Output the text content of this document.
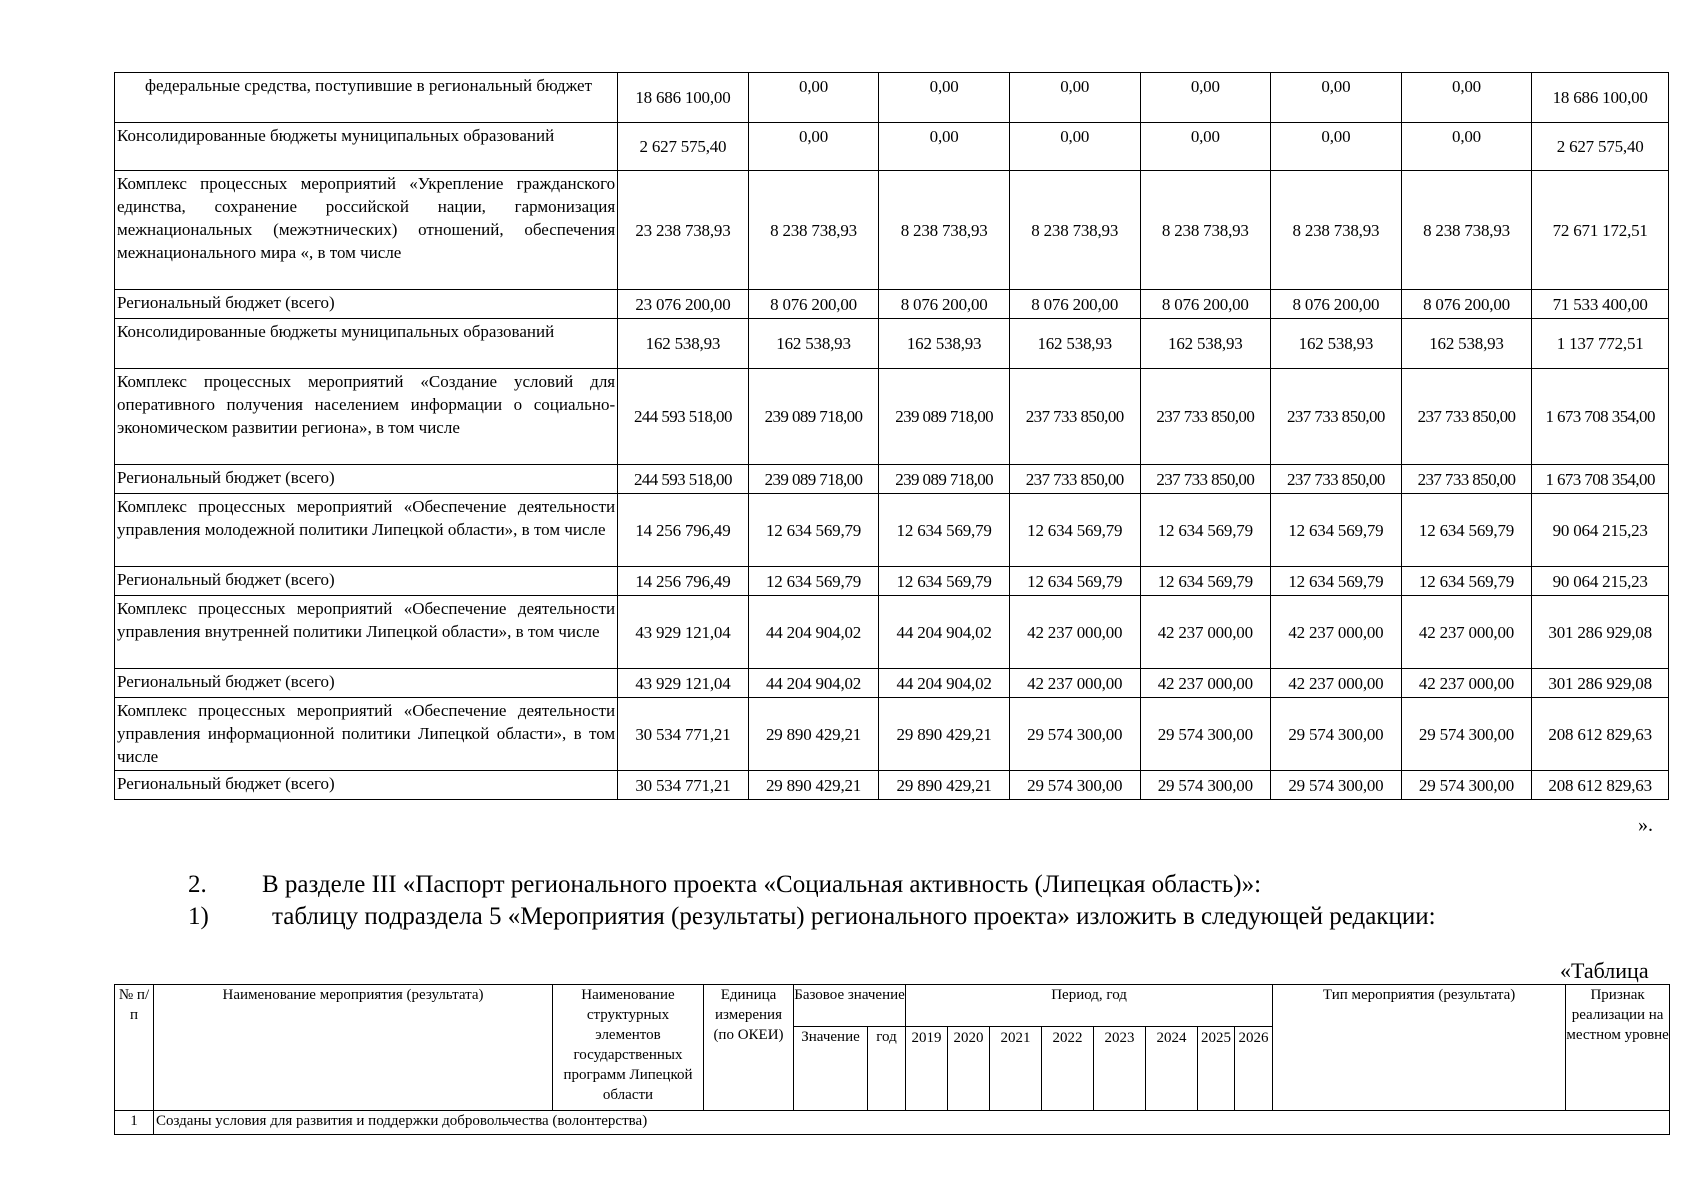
федеральные средства, поступившие в региональный бюджет	18 686 100,00	0,00	0,00	0,00	0,00	0,00	0,00	18 686 100,00
Консолидированные бюджеты муниципальных образований	2 627 575,40	0,00	0,00	0,00	0,00	0,00	0,00	2 627 575,40
Комплекс процессных мероприятий «Укрепление гражданского единства, сохранение российской нации, гармонизация межнациональных (межэтнических) отношений, обеспечения межнационального мира «, в том числе	23 238 738,93	8 238 738,93	8 238 738,93	8 238 738,93	8 238 738,93	8 238 738,93	8 238 738,93	72 671 172,51
Региональный бюджет (всего)	23 076 200,00	8 076 200,00	8 076 200,00	8 076 200,00	8 076 200,00	8 076 200,00	8 076 200,00	71 533 400,00
Консолидированные бюджеты муниципальных образований	162 538,93	162 538,93	162 538,93	162 538,93	162 538,93	162 538,93	162 538,93	1 137 772,51
Комплекс процессных мероприятий «Создание условий для оперативного получения населением информации о социально-экономическом развитии региона», в том числе	244 593 518,00	239 089 718,00	239 089 718,00	237 733 850,00	237 733 850,00	237 733 850,00	237 733 850,00	1 673 708 354,00
Региональный бюджет (всего)	244 593 518,00	239 089 718,00	239 089 718,00	237 733 850,00	237 733 850,00	237 733 850,00	237 733 850,00	1 673 708 354,00
Комплекс процессных мероприятий «Обеспечение деятельности управления молодежной политики Липецкой области», в том числе	14 256 796,49	12 634 569,79	12 634 569,79	12 634 569,79	12 634 569,79	12 634 569,79	12 634 569,79	90 064 215,23
Региональный бюджет (всего)	14 256 796,49	12 634 569,79	12 634 569,79	12 634 569,79	12 634 569,79	12 634 569,79	12 634 569,79	90 064 215,23
Комплекс процессных мероприятий «Обеспечение деятельности управления внутренней политики Липецкой области», в том числе	43 929 121,04	44 204 904,02	44 204 904,02	42 237 000,00	42 237 000,00	42 237 000,00	42 237 000,00	301 286 929,08
Региональный бюджет (всего)	43 929 121,04	44 204 904,02	44 204 904,02	42 237 000,00	42 237 000,00	42 237 000,00	42 237 000,00	301 286 929,08
Комплекс процессных мероприятий «Обеспечение деятельности управления информационной политики Липецкой области», в том числе	30 534 771,21	29 890 429,21	29 890 429,21	29 574 300,00	29 574 300,00	29 574 300,00	29 574 300,00	208 612 829,63
Региональный бюджет (всего)	30 534 771,21	29 890 429,21	29 890 429,21	29 574 300,00	29 574 300,00	29 574 300,00	29 574 300,00	208 612 829,63
».
2. В разделе III «Паспорт регионального проекта «Социальная активность (Липецкая область)»:
1)	таблицу подраздела 5 «Мероприятия (результаты) регионального проекта» изложить в следующей редакции:
«Таблица
№ п/п	Наименование мероприятия (результата)	Наименование структурных элементов государственных программ Липецкой области	Единица измерения (по ОКЕИ)	Базовое значение		Период, год								Тип мероприятия (результата)	Признак реализации на местном уровне
				Значение	год	2019	2020	2021	2022	2023	2024	2025	2026		
1	Созданы условия для развития и поддержки добровольчества (волонтерства)														
